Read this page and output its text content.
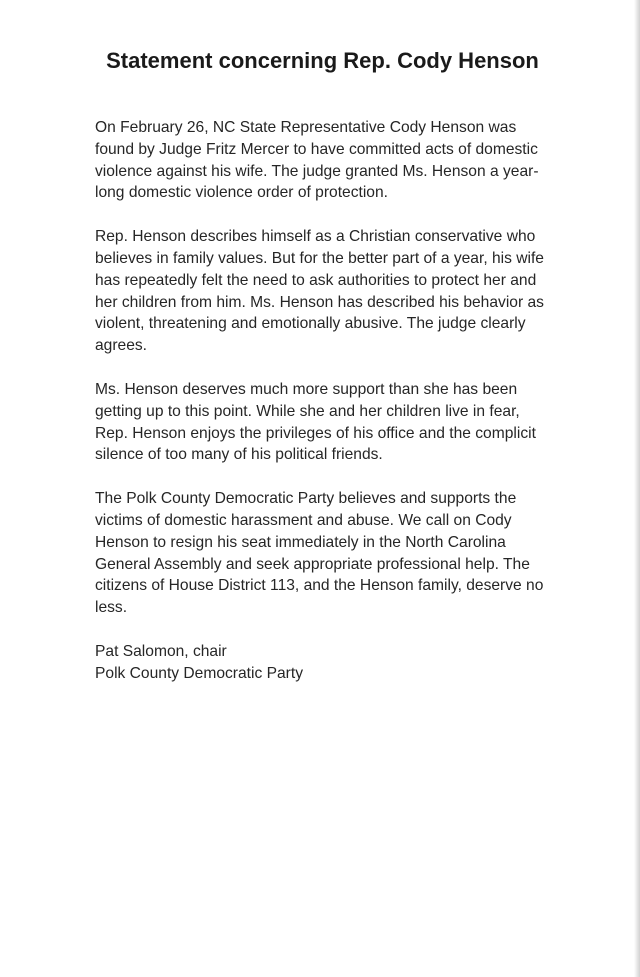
Statement concerning Rep. Cody Henson

On February 26, NC State Representative Cody Henson was found by Judge Fritz Mercer to have committed acts of domestic violence against his wife. The judge granted Ms. Henson a year-long domestic violence order of protection.

Rep. Henson describes himself as a Christian conservative who believes in family values. But for the better part of a year, his wife has repeatedly felt the need to ask authorities to protect her and her children from him. Ms. Henson has described his behavior as violent, threatening and emotionally abusive. The judge clearly agrees.

Ms. Henson deserves much more support than she has been getting up to this point. While she and her children live in fear, Rep. Henson enjoys the privileges of his office and the complicit silence of too many of his political friends.

The Polk County Democratic Party believes and supports the victims of domestic harassment and abuse. We call on Cody Henson to resign his seat immediately in the North Carolina General Assembly and seek appropriate professional help. The citizens of House District 113, and the Henson family, deserve no less.

Pat Salomon, chair
Polk County Democratic Party
